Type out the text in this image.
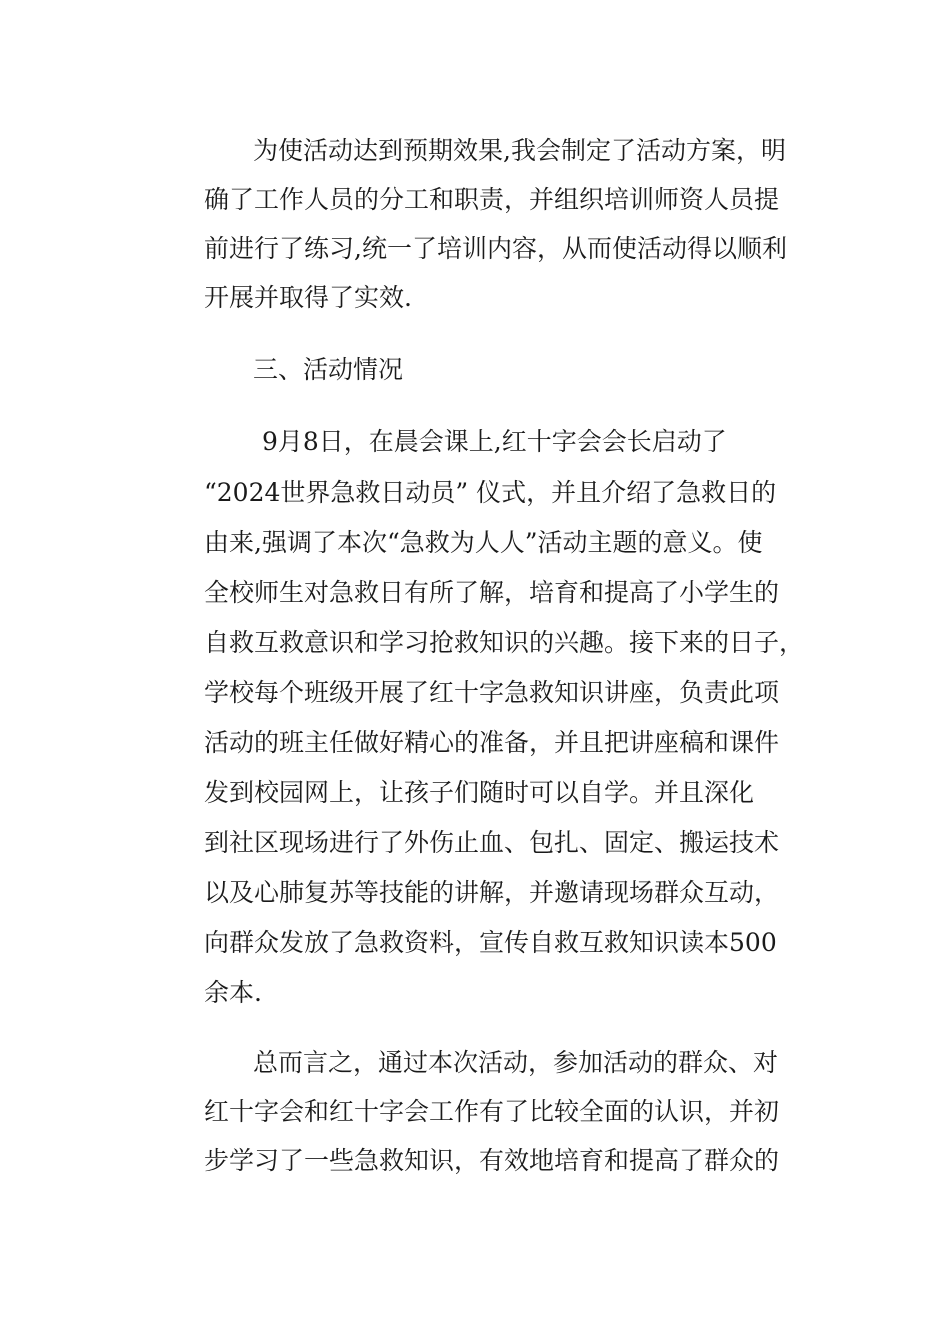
为使活动达到预期效果,我会制定了活动方案，明
确了工作人员的分工和职责，并组织培训师资人员提
前进行了练习,统一了培训内容，从而使活动得以顺利
开展并取得了实效.
三、活动情况
9月8日，在晨会课上,红十字会会长启动了
“2024世界急救日动员” 仪式，并且介绍了急救日的
由来,强调了本次“急救为人人”活动主题的意义。使
全校师生对急救日有所了解，培育和提高了小学生的
自救互救意识和学习抢救知识的兴趣。接下来的日子，
学校每个班级开展了红十字急救知识讲座，负责此项
活动的班主任做好精心的准备，并且把讲座稿和课件
发到校园网上，让孩子们随时可以自学。并且深化
到社区现场进行了外伤止血、包扎、固定、搬运技术
以及心肺复苏等技能的讲解，并邀请现场群众互动，
向群众发放了急救资料，宣传自救互救知识读本500
余本.
总而言之，通过本次活动，参加活动的群众、对
红十字会和红十字会工作有了比较全面的认识，并初
步学习了一些急救知识，有效地培育和提高了群众的
